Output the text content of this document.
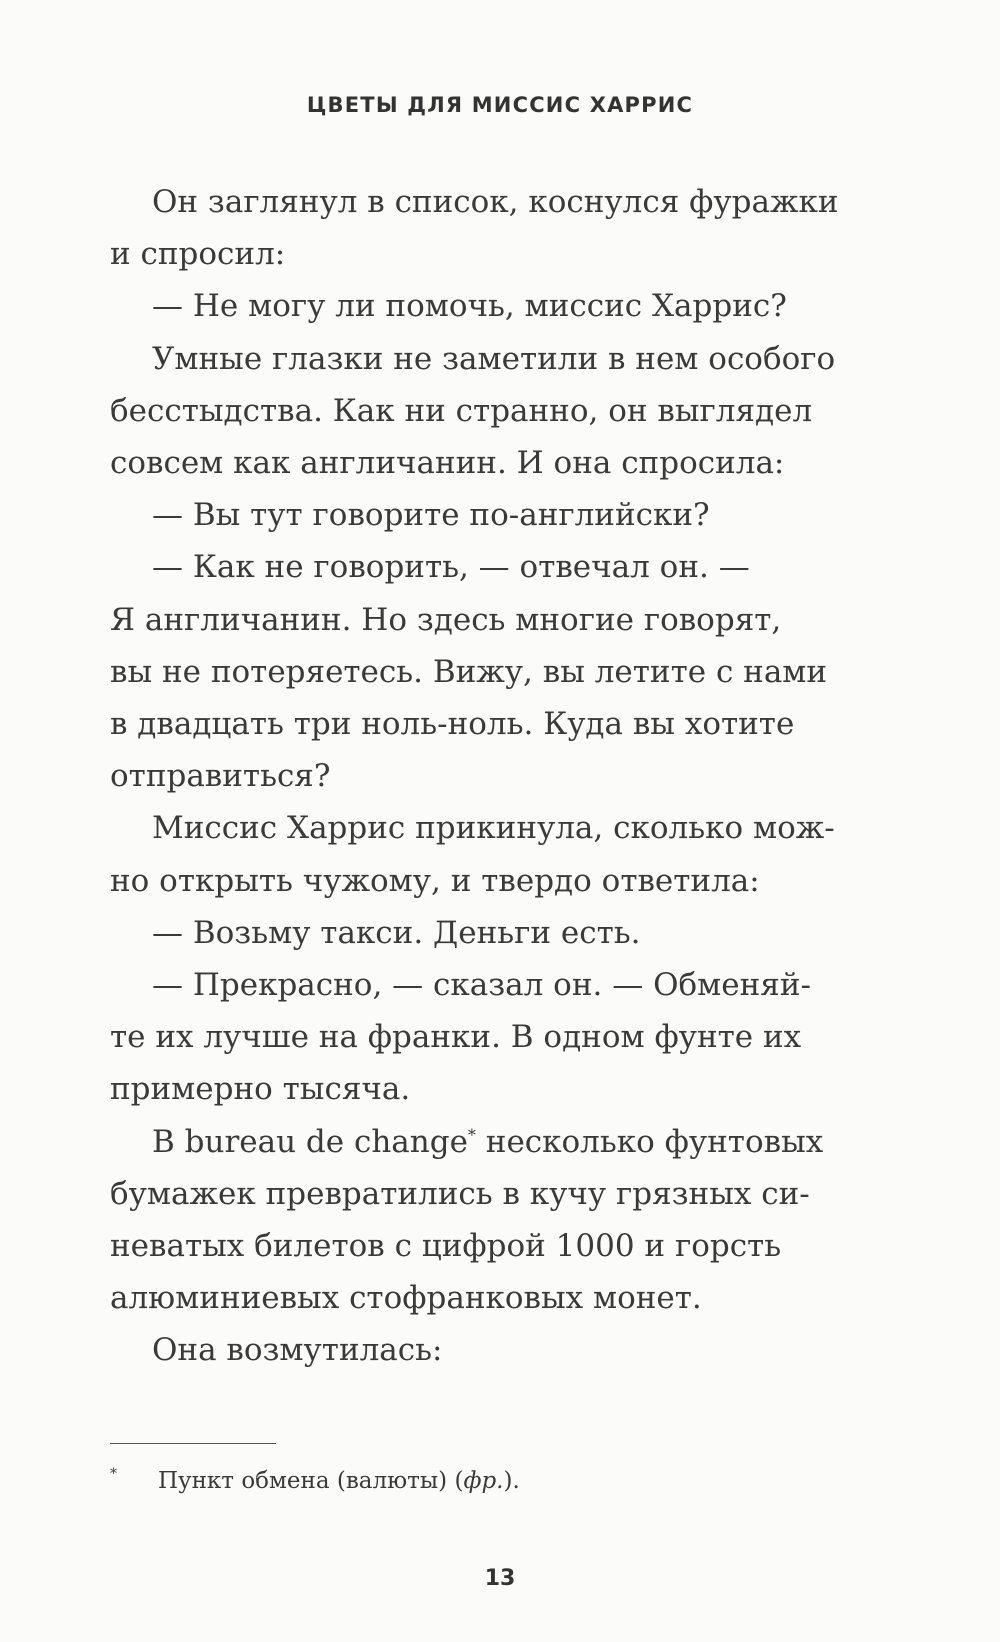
ЦВЕТЫ ДЛЯ МИССИС ХАРРИС
Он заглянул в список, коснулся фуражки
и спросил:
— Не могу ли помочь, миссис Харрис?
Умные глазки не заметили в нем особого
бесстыдства. Как ни странно, он выглядел
совсем как англичанин. И она спросила:
— Вы тут говорите по-английски?
— Как не говорить, — отвечал он. —
Я англичанин. Но здесь многие говорят,
вы не потеряетесь. Вижу, вы летите с нами
в двадцать три ноль-ноль. Куда вы хотите
отправиться?
Миссис Харрис прикинула, сколько мож-
но открыть чужому, и твердо ответила:
— Возьму такси. Деньги есть.
— Прекрасно, — сказал он. — Обменяй-
те их лучше на франки. В одном фунте их
примерно тысяча.
В bureau de change* несколько фунтовых
бумажек превратились в кучу грязных си-
неватых билетов с цифрой 1000 и горсть
алюминиевых стофранковых монет.
Она возмутилась:
* Пункт обмена (валюты) (фр.).
13
